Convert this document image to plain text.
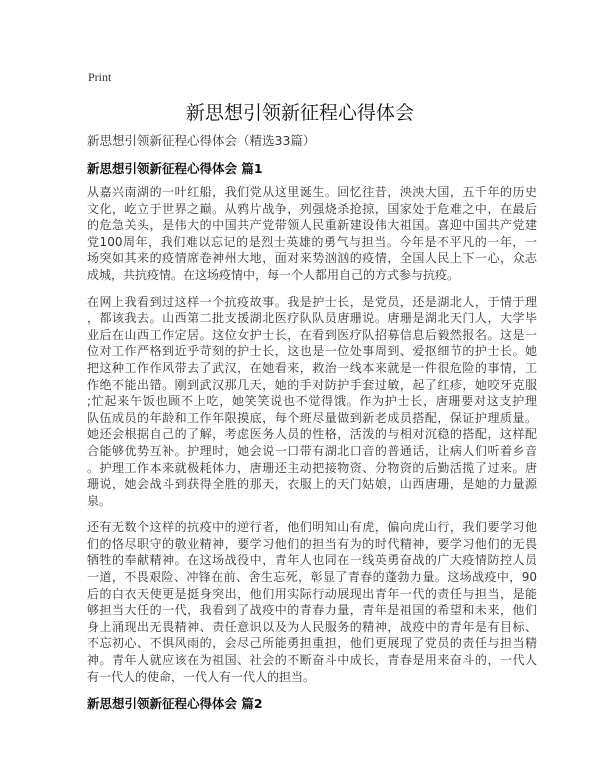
Print
新思想引领新征程心得体会
新思想引领新征程心得体会（精选33篇）
新思想引领新征程心得体会 篇1
从嘉兴南湖的一叶红船，我们党从这里诞生。回忆往昔，泱泱大国，五千年的历史
文化，屹立于世界之巅。从鸦片战争，列强烧杀抢掠，国家处于危难之中，在最后
的危急关头，是伟大的中国共产党带领人民重新建设伟大祖国。喜迎中国共产党建
党100周年，我们难以忘记的是烈士英雄的勇气与担当。今年是不平凡的一年，一
场突如其来的疫情席卷神州大地，面对来势汹汹的疫情，全国人民上下一心，众志
成城，共抗疫情。在这场疫情中，每一个人都用自己的方式参与抗疫。
在网上我看到过这样一个抗疫故事。我是护士长，是党员，还是湖北人，于情于理
，都该我去。山西第二批支援湖北医疗队队员唐珊说。唐珊是湖北天门人，大学毕
业后在山西工作定居。这位女护士长，在看到医疗队招募信息后毅然报名。这是一
位对工作严格到近乎苛刻的护士长，这也是一位处事周到、爱抠细节的护士长。她
把这种工作作风带去了武汉，在她看来，救治一线本来就是一件很危险的事情，工
作绝不能出错。刚到武汉那几天，她的手对防护手套过敏，起了红疹，她咬牙克服
;忙起来午饭也顾不上吃，她笑笑说也不觉得饿。作为护士长，唐珊要对这支护理
队伍成员的年龄和工作年限摸底，每个班尽量做到新老成员搭配，保证护理质量。
她还会根据自己的了解，考虑医务人员的性格，活泼的与相对沉稳的搭配，这样配
合能够优势互补。护理时，她会说一口带有湖北口音的普通话，让病人们听着乡音
。护理工作本来就极耗体力，唐珊还主动把接物资、分物资的后勤活揽了过来。唐
珊说，她会战斗到获得全胜的那天，衣服上的天门姑娘，山西唐珊，是她的力量源
泉。
还有无数个这样的抗疫中的逆行者，他们明知山有虎，偏向虎山行，我们要学习他
们的恪尽职守的敬业精神，要学习他们的担当有为的时代精神，要学习他们的无畏
牺牲的奉献精神。在这场战役中，青年人也同在一线英勇奋战的广大疫情防控人员
一道，不畏艰险、冲锋在前、舍生忘死，彰显了青春的蓬勃力量。这场战疫中，90
后的白衣天使更是挺身突出，他们用实际行动展现出青年一代的责任与担当，是能
够担当大任的一代，我看到了战疫中的青春力量，青年是祖国的希望和未来，他们
身上涌现出无畏精神、责任意识以及为人民服务的精神，战疫中的青年是有目标、
不忘初心、不惧风雨的，会尽己所能勇担重担，他们更展现了党员的责任与担当精
神。青年人就应该在为祖国、社会的不断奋斗中成长，青春是用来奋斗的，一代人
有一代人的使命，一代人有一代人的担当。
新思想引领新征程心得体会 篇2
